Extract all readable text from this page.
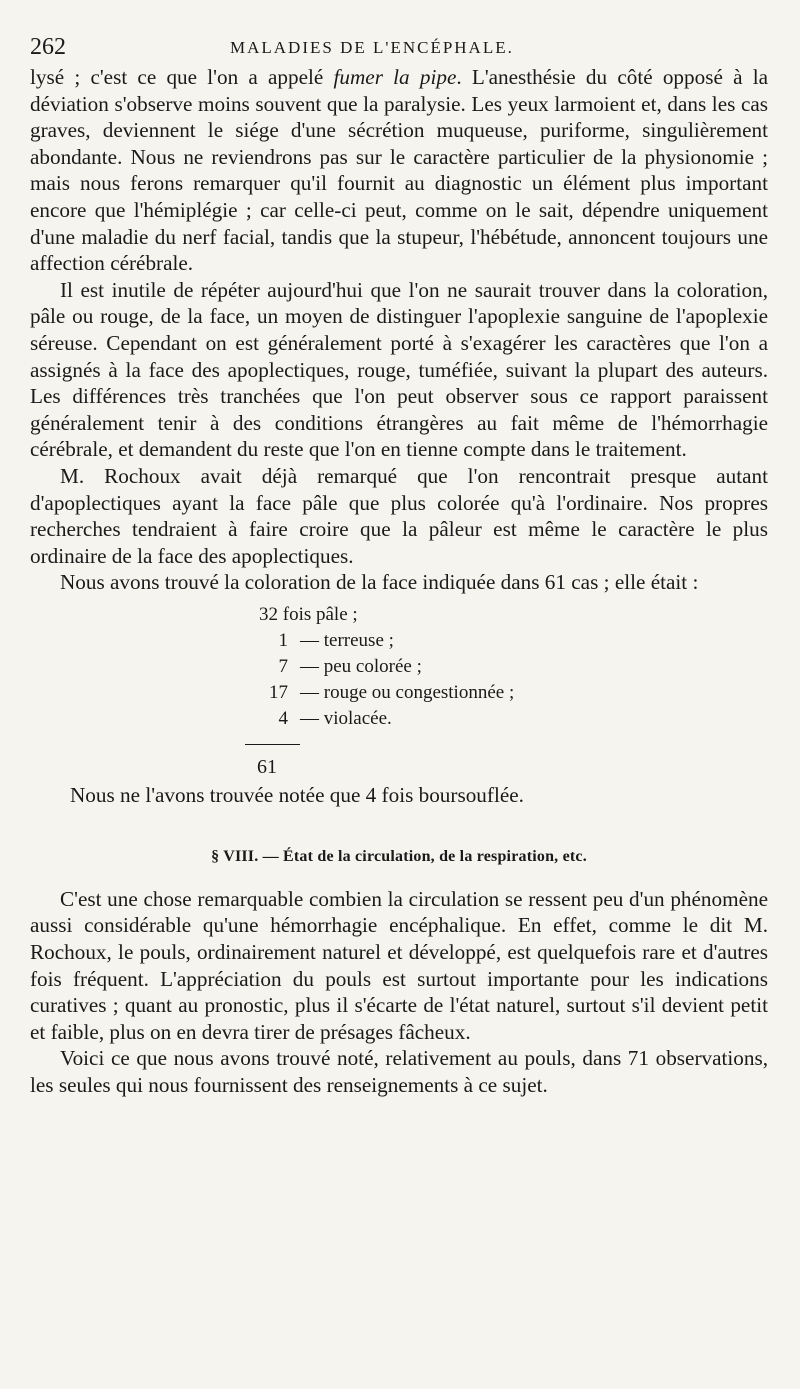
262	MALADIES DE L'ENCÉPHALE.

lysé ; c'est ce que l'on a appelé fumer la pipe. L'anesthésie du côté opposé à la déviation s'observe moins souvent que la paralysie. Les yeux larmoient et, dans les cas graves, deviennent le siége d'une sécrétion muqueuse, puriforme, singulièrement abondante. Nous ne reviendrons pas sur le caractère particulier de la physionomie ; mais nous ferons remarquer qu'il fournit au diagnostic un élément plus important encore que l'hémiplégie ; car celle-ci peut, comme on le sait, dépendre uniquement d'une maladie du nerf facial, tandis que la stupeur, l'hébétude, annoncent toujours une affection cérébrale.

Il est inutile de répéter aujourd'hui que l'on ne saurait trouver dans la coloration, pâle ou rouge, de la face, un moyen de distinguer l'apoplexie sanguine de l'apoplexie séreuse. Cependant on est généralement porté à s'exagérer les caractères que l'on a assignés à la face des apoplectiques, rouge, tuméfiée, suivant la plupart des auteurs. Les différences très tranchées que l'on peut observer sous ce rapport paraissent généralement tenir à des conditions étrangères au fait même de l'hémorrhagie cérébrale, et demandent du reste que l'on en tienne compte dans le traitement.

M. Rochoux avait déjà remarqué que l'on rencontrait presque autant d'apoplectiques ayant la face pâle que plus colorée qu'à l'ordinaire. Nos propres recherches tendraient à faire croire que la pâleur est même le caractère le plus ordinaire de la face des apoplectiques.

Nous avons trouvé la coloration de la face indiquée dans 61 cas ; elle était :

32 fois pâle ;
1 — terreuse ;
7 — peu colorée ;
17 — rouge ou congestionnée ;
4 — violacée.
61

Nous ne l'avons trouvée notée que 4 fois boursouflée.

§ VIII. — État de la circulation, de la respiration, etc.

C'est une chose remarquable combien la circulation se ressent peu d'un phénomène aussi considérable qu'une hémorrhagie encéphalique. En effet, comme le dit M. Rochoux, le pouls, ordinairement naturel et développé, est quelquefois rare et d'autres fois fréquent. L'appréciation du pouls est surtout importante pour les indications curatives ; quant au pronostic, plus il s'écarte de l'état naturel, surtout s'il devient petit et faible, plus on en devra tirer de présages fâcheux.

Voici ce que nous avons trouvé noté, relativement au pouls, dans 71 observations, les seules qui nous fournissent des renseignements à ce sujet.
